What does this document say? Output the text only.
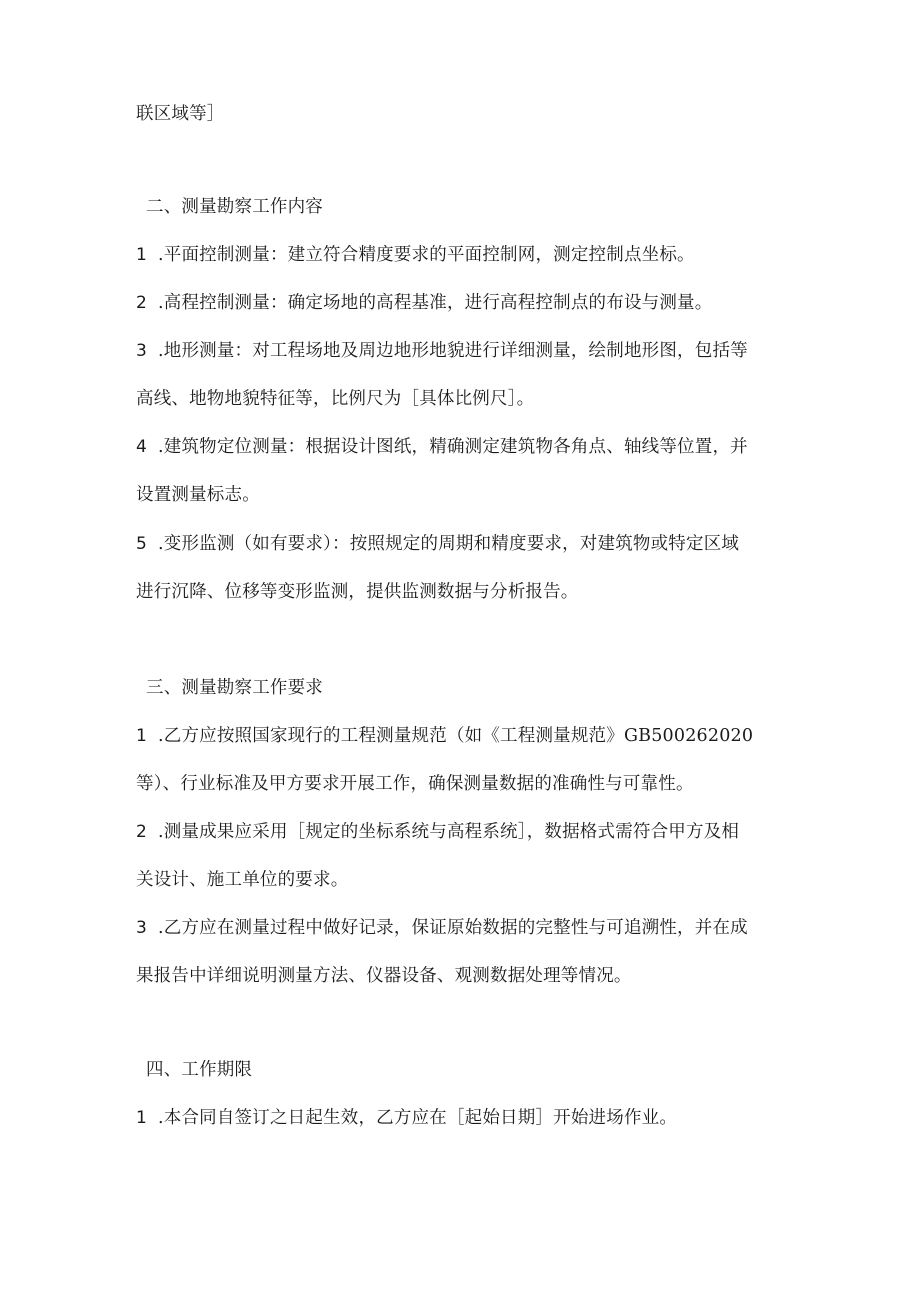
联区域等］
二、测量勘察工作内容
1 .平面控制测量：建立符合精度要求的平面控制网，测定控制点坐标。
2 .高程控制测量：确定场地的高程基准，进行高程控制点的布设与测量。
3 .地形测量：对工程场地及周边地形地貌进行详细测量，绘制地形图，包括等
高线、地物地貌特征等，比例尺为［具体比例尺］。
4 .建筑物定位测量：根据设计图纸，精确测定建筑物各角点、轴线等位置，并
设置测量标志。
5 .变形监测（如有要求）：按照规定的周期和精度要求，对建筑物或特定区域
进行沉降、位移等变形监测，提供监测数据与分析报告。
三、测量勘察工作要求
1 .乙方应按照国家现行的工程测量规范（如《工程测量规范》GB500262020
等）、行业标准及甲方要求开展工作，确保测量数据的准确性与可靠性。
2 .测量成果应采用［规定的坐标系统与高程系统］，数据格式需符合甲方及相
关设计、施工单位的要求。
3 .乙方应在测量过程中做好记录，保证原始数据的完整性与可追溯性，并在成
果报告中详细说明测量方法、仪器设备、观测数据处理等情况。
四、工作期限
1 .本合同自签订之日起生效，乙方应在［起始日期］开始进场作业。
